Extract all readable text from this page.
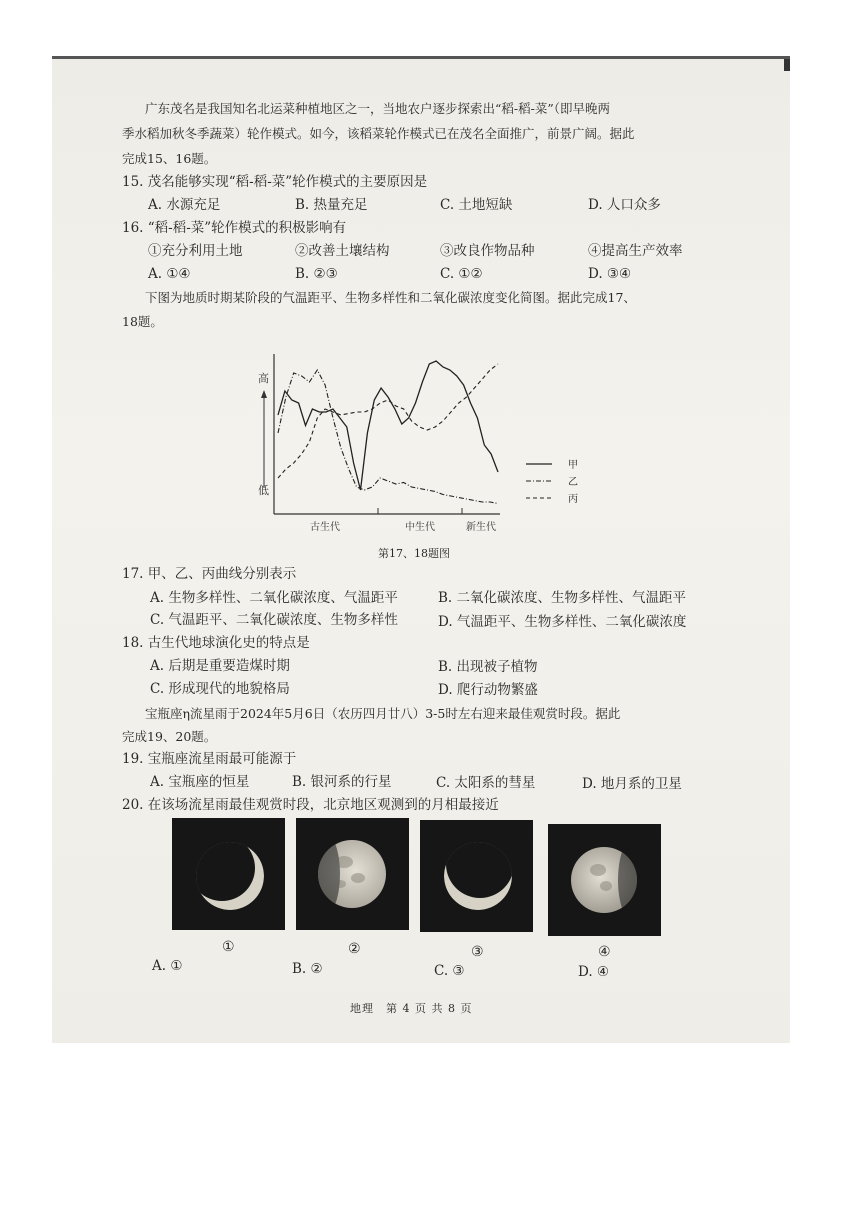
广东茂名是我国知名北运菜种植地区之一，当地农户逐步探索出“稻-稻-菜”（即早晚两
季水稻加秋冬季蔬菜）轮作模式。如今，该稻菜轮作模式已在茂名全面推广，前景广阔。据此
完成15、16题。
15. 茂名能够实现“稻-稻-菜”轮作模式的主要原因是
A. 水源充足	B. 热量充足	C. 土地短缺	D. 人口众多
16. “稻-稻-菜”轮作模式的积极影响有
①充分利用土地	②改善土壤结构	③改良作物品种	④提高生产效率
A. ①④	B. ②③	C. ①②	D. ③④
下图为地质时期某阶段的气温距平、生物多样性和二氧化碳浓度变化简图。据此完成17、
18题。
高
低
古生代	中生代	新生代
甲
乙
丙
第17、18题图
17. 甲、乙、丙曲线分别表示
A. 生物多样性、二氧化碳浓度、气温距平	B. 二氧化碳浓度、生物多样性、气温距平
C. 气温距平、二氧化碳浓度、生物多样性	D. 气温距平、生物多样性、二氧化碳浓度
18. 古生代地球演化史的特点是
A. 后期是重要造煤时期	B. 出现被子植物
C. 形成现代的地貌格局	D. 爬行动物繁盛
宝瓶座η流星雨于2024年5月6日（农历四月廿八）3-5时左右迎来最佳观赏时段。据此
完成19、20题。
19. 宝瓶座流星雨最可能源于
A. 宝瓶座的恒星	B. 银河系的行星	C. 太阳系的彗星	D. 地月系的卫星
20. 在该场流星雨最佳观赏时段，北京地区观测到的月相最接近
①	②	③	④
A. ①	B. ②	C. ③	D. ④
地理　第 4 页 共 8 页
